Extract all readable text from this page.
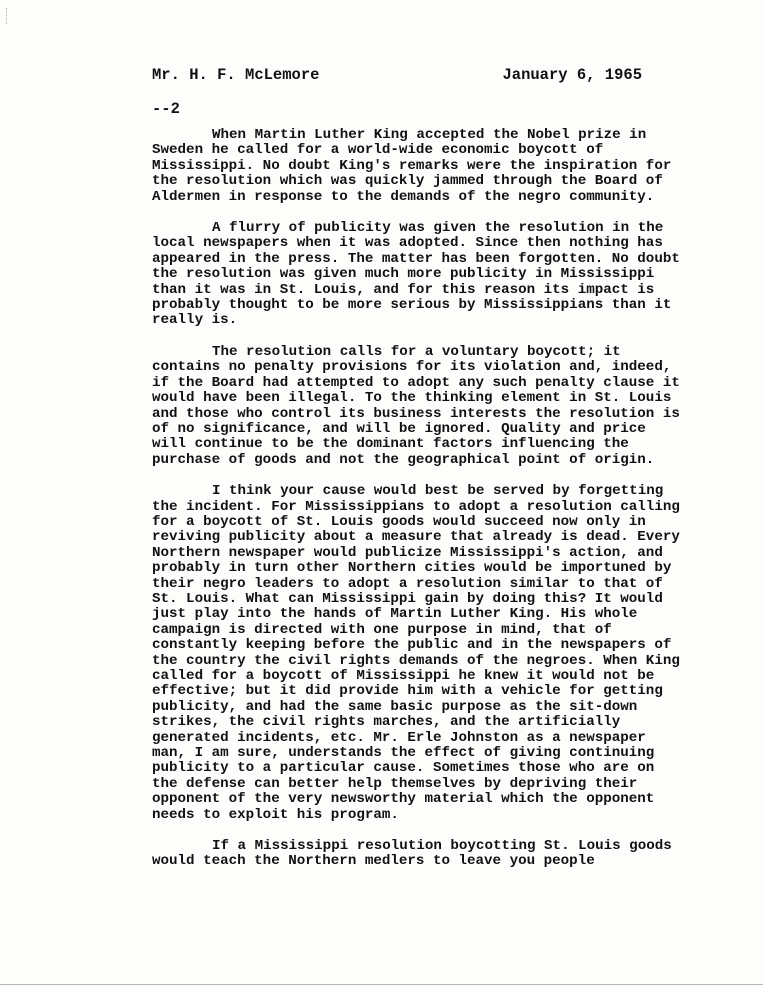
Mr. H. F. McLemore	January 6, 1965
--2

When Martin Luther King accepted the Nobel prize in Sweden he called for a world-wide economic boycott of Mississippi. No doubt King's remarks were the inspiration for the resolution which was quickly jammed through the Board of Aldermen in response to the demands of the negro community.

A flurry of publicity was given the resolution in the local newspapers when it was adopted. Since then nothing has appeared in the press. The matter has been forgotten. No doubt the resolution was given much more publicity in Mississippi than it was in St. Louis, and for this reason its impact is probably thought to be more serious by Mississippians than it really is.

The resolution calls for a voluntary boycott; it contains no penalty provisions for its violation and, indeed, if the Board had attempted to adopt any such penalty clause it would have been illegal. To the thinking element in St. Louis and those who control its business interests the resolution is of no significance, and will be ignored. Quality and price will continue to be the dominant factors influencing the purchase of goods and not the geographical point of origin.

I think your cause would best be served by forgetting the incident. For Mississippians to adopt a resolution calling for a boycott of St. Louis goods would succeed now only in reviving publicity about a measure that already is dead. Every Northern newspaper would publicize Mississippi's action, and probably in turn other Northern cities would be importuned by their negro leaders to adopt a resolution similar to that of St. Louis. What can Mississippi gain by doing this? It would just play into the hands of Martin Luther King. His whole campaign is directed with one purpose in mind, that of constantly keeping before the public and in the newspapers of the country the civil rights demands of the negroes. When King called for a boycott of Mississippi he knew it would not be effective; but it did provide him with a vehicle for getting publicity, and had the same basic purpose as the sit-down strikes, the civil rights marches, and the artificially generated incidents, etc. Mr. Erle Johnston as a newspaper man, I am sure, understands the effect of giving continuing publicity to a particular cause. Sometimes those who are on the defense can better help themselves by depriving their opponent of the very newsworthy material which the opponent needs to exploit his program.

If a Mississippi resolution boycotting St. Louis goods would teach the Northern medlers to leave you people
